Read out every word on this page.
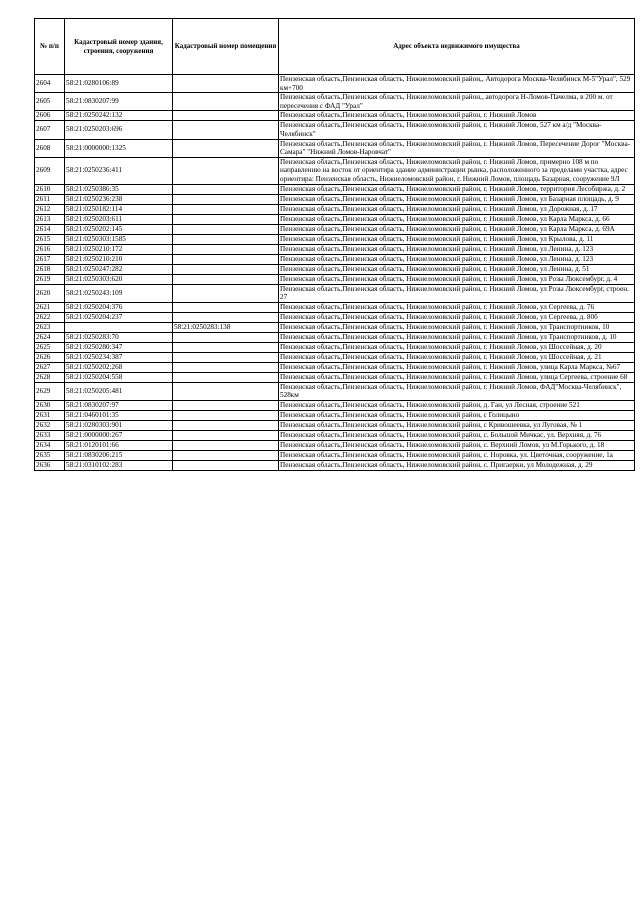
№ п/п	Кадастровый номер здания, строения, сооружения	Кадастровый номер помещения	Адрес объекта недвижимого имущества
2604	58:21:0280106:89		Пензенская область,Пензенская область, Нижнеломовский район,, Автодорога Москва-Челябинск М-5"Урал", 529 км+700
2605	58:21:0830207:99		Пензенская область,Пензенская область, Нижнеломовский район,, автодорога Н-Ломов-Пачелма, в 200 м. от пересечения с ФАД "Урал"
2606	58:21:0250242:132		Пензенская область,Пензенская область, Нижнеломовский район, г. Нижний Ломов
2607	58:21:0250203:696		Пензенская область,Пензенская область, Нижнеломовский район, г. Нижний Ломов, 527 км а/д "Москва-Челябинск"
2608	58:21:0000000:1325		Пензенская область,Пензенская область, Нижнеломовский район, г. Нижний Ломов, Пересечение Дорог "Москва-Самара" "Нижний Ломов-Наровчат"
2609	58:21:0250236:411		Пензенская область,Пензенская область, Нижнеломовский район, г. Нижний Ломов, примерно 108 м по направлению на восток от ориентира здание администрации рынка, расположенного за пределами участка, адрес ориентира: Пензенская область, Нижнеломовский район, г. Нижний Ломов, площадь Базарная, сооружение 9Л
2610	58:21:0250386:35		Пензенская область,Пензенская область, Нижнеломовский район, г. Нижний Ломов, территория Лесобиржа, д. 2
2611	58:21:0250236:238		Пензенская область,Пензенская область, Нижнеломовский район, г. Нижний Ломов, ул Базарная площадь, д. 9
2612	58:21:0250182:114		Пензенская область,Пензенская область, Нижнеломовский район, г. Нижний Ломов, ул Дорожная, д. 17
2613	58:21:0250203:611		Пензенская область,Пензенская область, Нижнеломовский район, г. Нижний Ломов, ул Карла Маркса, д. 66
2614	58:21:0250202:145		Пензенская область,Пензенская область, Нижнеломовский район, г. Нижний Ломов, ул Карла Маркса, д. 69А
2615	58:21:0250303:1585		Пензенская область,Пензенская область, Нижнеломовский район, г. Нижний Ломов, ул Крылова, д. 11
2616	58:21:0250210:172		Пензенская область,Пензенская область, Нижнеломовский район, г. Нижний Ломов, ул Ленина, д. 123
2617	58:21:0250210:210		Пензенская область,Пензенская область, Нижнеломовский район, г. Нижний Ломов, ул Ленина, д. 123
2618	58:21:0250247:282		Пензенская область,Пензенская область, Нижнеломовский район, г. Нижний Ломов, ул Ленина, д. 51
2619	58:21:0250303:620		Пензенская область,Пензенская область, Нижнеломовский район, г. Нижний Ломов, ул Розы Люксембург, д. 4
2620	58:21:0250243:109		Пензенская область,Пензенская область, Нижнеломовский район, г. Нижний Ломов, ул Розы Люксембург, строен. 27
2621	58:21:0250204:376		Пензенская область,Пензенская область, Нижнеломовский район, г. Нижний Ломов, ул Сергеева, д. 76
2622	58:21:0250204:237		Пензенская область,Пензенская область, Нижнеломовский район, г. Нижний Ломов, ул Сергеева, д. 80б
2623		58:21:0250283:138	Пензенская область,Пензенская область, Нижнеломовский район, г. Нижний Ломов, ул Транспортников, 10
2624	58:21:0250283:70		Пензенская область,Пензенская область, Нижнеломовский район, г. Нижний Ломов, ул Транспортников, д. 10
2625	58:21:0250280:347		Пензенская область,Пензенская область, Нижнеломовский район, г. Нижний Ломов, ул Шоссейная, д. 20
2626	58:21:0250234:387		Пензенская область,Пензенская область, Нижнеломовский район, г. Нижний Ломов, ул Шоссейная, д. 21
2627	58:21:0250202:268		Пензенская область,Пензенская область, Нижнеломовский район, г. Нижний Ломов, улица Карла Маркса, №67
2628	58:21:0250204:558		Пензенская область,Пензенская область, Нижнеломовский район, г. Нижний Ломов, улица Сергеева, строение 68
2629	58:21:0250205:481		Пензенская область,Пензенская область, Нижнеломовский район, г. Нижний Ломов, ФАД"Москва-Челябинск", 528км
2630	58:21:0830207:97		Пензенская область,Пензенская область, Нижнеломовский район, д. Ган, ул Лесная, строение 521
2631	58:21:0460101:35		Пензенская область,Пензенская область, Нижнеломовский район, с Голицыно
2632	58:21:0280303:901		Пензенская область,Пензенская область, Нижнеломовский район, с Кривошеевка, ул Луговая, № 1
2633	58:21:0000000:267		Пензенская область,Пензенская область, Нижнеломовский район, с. Большой Мичкас, ул. Верхняя, д. 76
2634	58:21:0120101:66		Пензенская область,Пензенская область, Нижнеломовский район, с. Верхний Ломов, ул М.Горького, д. 18
2635	58:21:0830206:215		Пензенская область,Пензенская область, Нижнеломовский район, с. Норовка, ул. Цветочная, сооружение, 1а
2636	58:21:0310102:283		Пензенская область,Пензенская область, Нижнеломовский район, с. Пригаерки, ул Молодежная, д. 29
